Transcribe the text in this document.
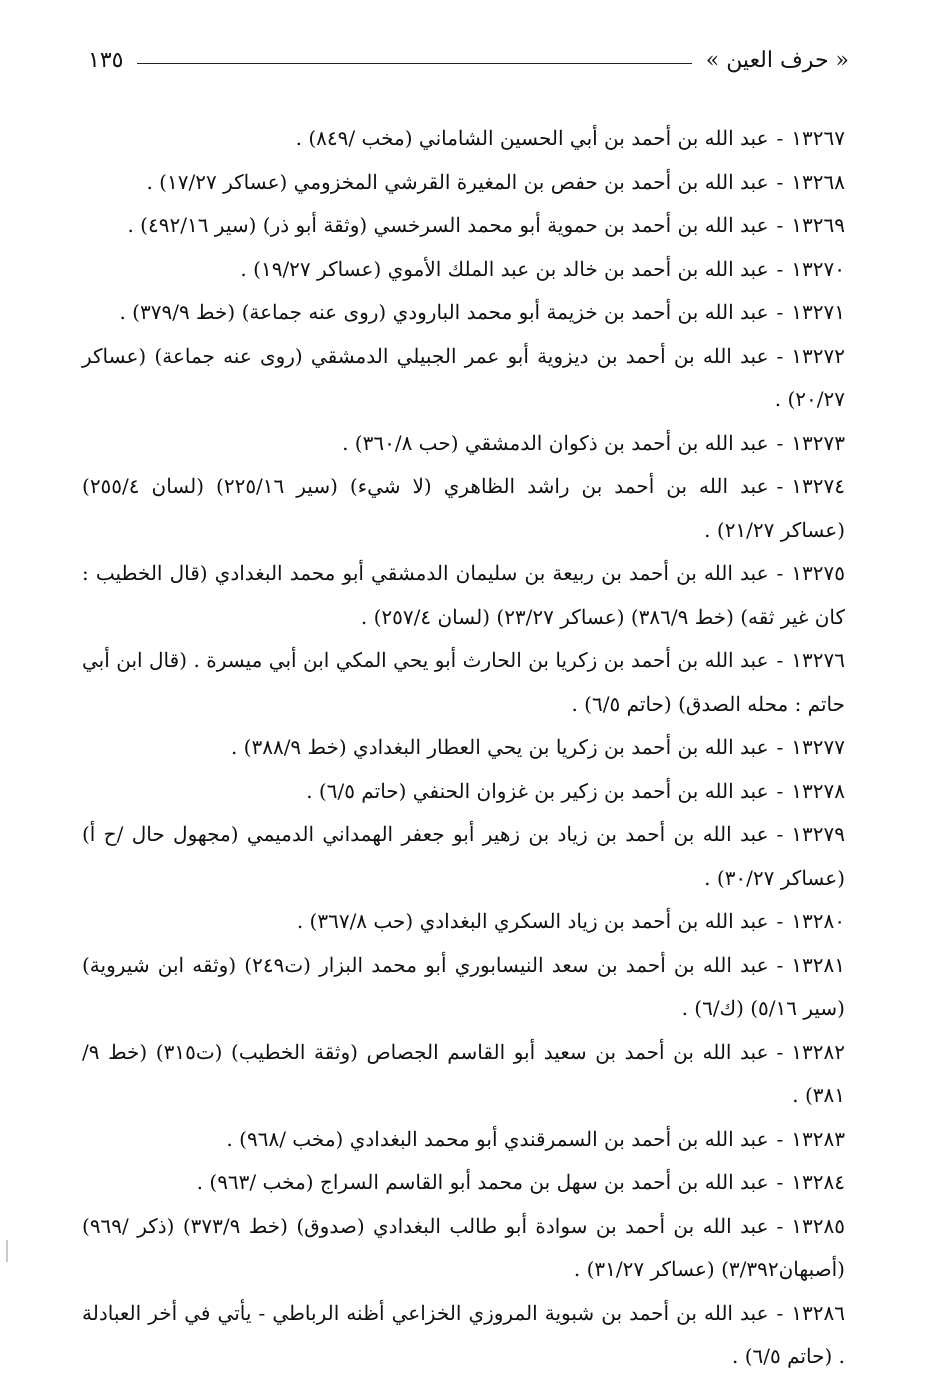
« حرف العين »
١٣٥
١٣٢٦٧-عبد الله بن أحمد بن أبي الحسين الشاماني (مخب /٨٤٩) .
١٣٢٦٨-عبد الله بن أحمد بن حفص بن المغيرة القرشي المخزومي (عساكر ١٧/٢٧) .
١٣٢٦٩-عبد الله بن أحمد بن حموية أبو محمد السرخسي (وثقة أبو ذر) (سير ٤٩٢/١٦) .
١٣٢٧٠-عبد الله بن أحمد بن خالد بن عبد الملك الأموي (عساكر ١٩/٢٧) .
١٣٢٧١-عبد الله بن أحمد بن خزيمة أبو محمد البارودي (روى عنه جماعة) (خط ٣٧٩/٩) .
١٣٢٧٢-عبد الله بن أحمد بن ديزوية أبو عمر الجبيلي الدمشقي (روى عنه جماعة) (عساكر ٢٠/٢٧) .
١٣٢٧٣-عبد الله بن أحمد بن ذكوان الدمشقي (حب ٣٦٠/٨) .
١٣٢٧٤-عبد الله بن أحمد بن راشد الظاهري (لا شيء) (سير ٢٢٥/١٦) (لسان ٢٥٥/٤) (عساكر ٢١/٢٧) .
١٣٢٧٥-عبد الله بن أحمد بن ربيعة بن سليمان الدمشقي أبو محمد البغدادي (قال الخطيب : كان غير ثقه) (خط ٣٨٦/٩) (عساكر ٢٣/٢٧) (لسان ٢٥٧/٤) .
١٣٢٧٦-عبد الله بن أحمد بن زكريا بن الحارث أبو يحي المكي ابن أبي ميسرة . (قال ابن أبي حاتم : محله الصدق) (حاتم ٦/٥) .
١٣٢٧٧-عبد الله بن أحمد بن زكريا بن يحي العطار البغدادي (خط ٣٨٨/٩) .
١٣٢٧٨-عبد الله بن أحمد بن زكير بن غزوان الحنفي (حاتم ٦/٥) .
١٣٢٧٩-عبد الله بن أحمد بن زياد بن زهير أبو جعفر الهمداني الدميمي (مجهول حال /ح أ) (عساكر ٣٠/٢٧) .
١٣٢٨٠-عبد الله بن أحمد بن زياد السكري البغدادي (حب ٣٦٧/٨) .
١٣٢٨١-عبد الله بن أحمد بن سعد النيسابوري أبو محمد البزار (ت٢٤٩) (وثقه ابن شيروية) (سير ٥/١٦) (ك/٦) .
١٣٢٨٢-عبد الله بن أحمد بن سعيد أبو القاسم الجصاص (وثقة الخطيب) (ت٣١٥) (خط ٩/ ٣٨١) .
١٣٢٨٣-عبد الله بن أحمد بن السمرقندي أبو محمد البغدادي (مخب /٩٦٨) .
١٣٢٨٤-عبد الله بن أحمد بن سهل بن محمد أبو القاسم السراج (مخب /٩٦٣) .
١٣٢٨٥-عبد الله بن أحمد بن سوادة أبو طالب البغدادي (صدوق) (خط ٣٧٣/٩) (ذكر /٩٦٩) (أصبهان٣/٣٩٢) (عساكر ٣١/٢٧) .
١٣٢٨٦-عبد الله بن أحمد بن شبوية المروزي الخزاعي أظنه الرباطي - يأتي في أخر العبادلة . (حاتم ٦/٥) .
